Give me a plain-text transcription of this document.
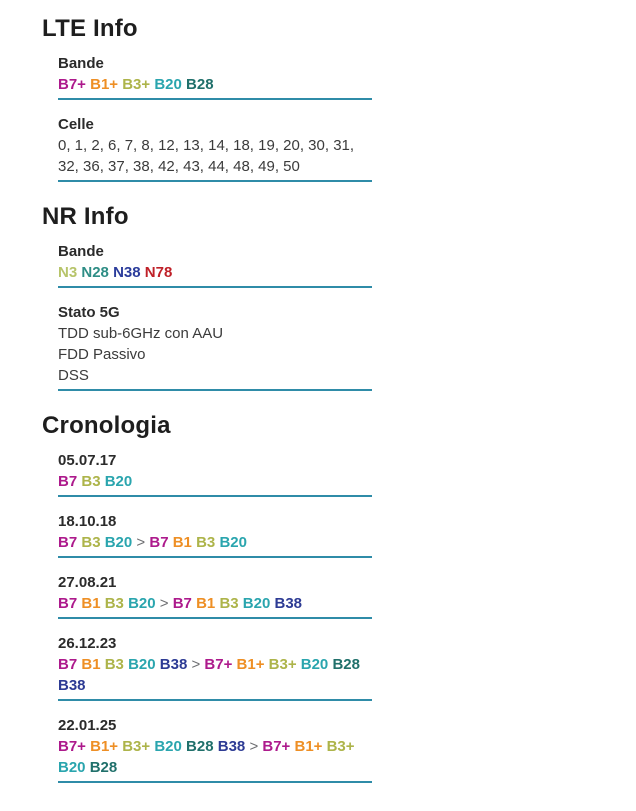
LTE Info
Bande
B7+ B1+ B3+ B20 B28
Celle
0, 1, 2, 6, 7, 8, 12, 13, 14, 18, 19, 20, 30, 31, 32, 36, 37, 38, 42, 43, 44, 48, 49, 50
NR Info
Bande
N3 N28 N38 N78
Stato 5G
TDD sub-6GHz con AAU
FDD Passivo
DSS
Cronologia
05.07.17
B7 B3 B20
18.10.18
B7 B3 B20 > B7 B1 B3 B20
27.08.21
B7 B1 B3 B20 > B7 B1 B3 B20 B38
26.12.23
B7 B1 B3 B20 B38 > B7+ B1+ B3+ B20 B28 B38
22.01.25
B7+ B1+ B3+ B20 B28 B38 > B7+ B1+ B3+ B20 B28
